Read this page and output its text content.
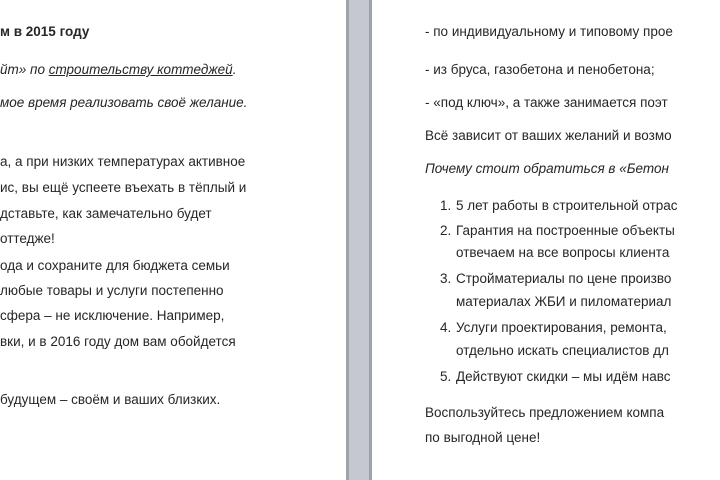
м в 2015 году
йт» по строительству коттеджей.
мое время реализовать своё желание.
а, а при низких температурах активное
ис, вы ещё успеете въехать в тёплый и
дставьте, как замечательно будет
оттедже!
ода и сохраните для бюджета семьи
любые товары и услуги постепенно
сфера – не исключение. Например,
вки, и в 2016 году дом вам обойдется
будущем – своём и ваших близких.
- по индивидуальному и типовому прое
- из бруса, газобетона и пенобетона;
- «под ключ», а также занимается поэт
Всё зависит от ваших желаний и возмо
Почему стоит обратиться в «Бетон
1. 5 лет работы в строительной отрас
2. Гарантия на построенные объекты
отвечаем на все вопросы клиента
3. Стройматериалы по цене произво
материалах ЖБИ и пиломатериал
4. Услуги проектирования, ремонта,
отдельно искать специалистов дл
5. Действуют скидки – мы идём навс
Воспользуйтесь предложением компа
по выгодной цене!
